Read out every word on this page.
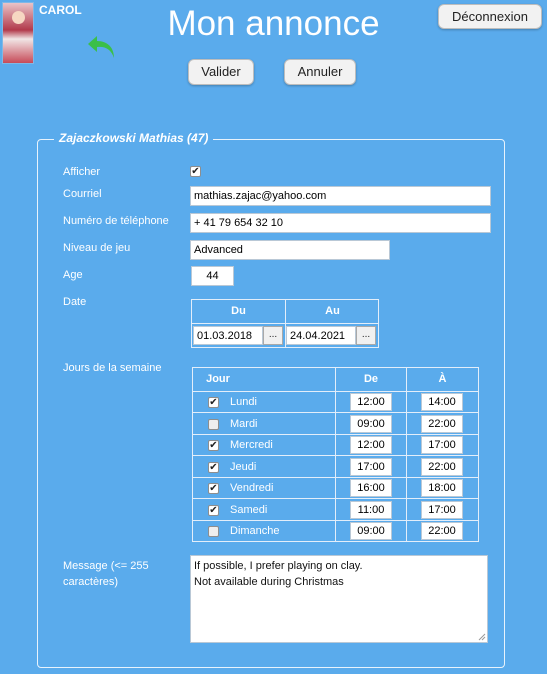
CAROL	Mon annonce	Déconnexion
Valider	Annuler
Zajaczkowski Mathias (47)
Afficher	✔
Courriel	mathias.zajac@yahoo.com
Numéro de téléphone	+ 41 79 654 32 10
Niveau de jeu	Advanced
Age	44
Date
Du	Au
01.03.2018	...	24.04.2021	...
Jours de la semaine
Jour	De	À
✔ Lundi	12:00	14:00
Mardi	09:00	22:00
✔ Mercredi	12:00	17:00
✔ Jeudi	17:00	22:00
✔ Vendredi	16:00	18:00
✔ Samedi	11:00	17:00
Dimanche	09:00	22:00
Message (<= 255 caractères)
If possible, I prefer playing on clay.
Not available during Christmas
